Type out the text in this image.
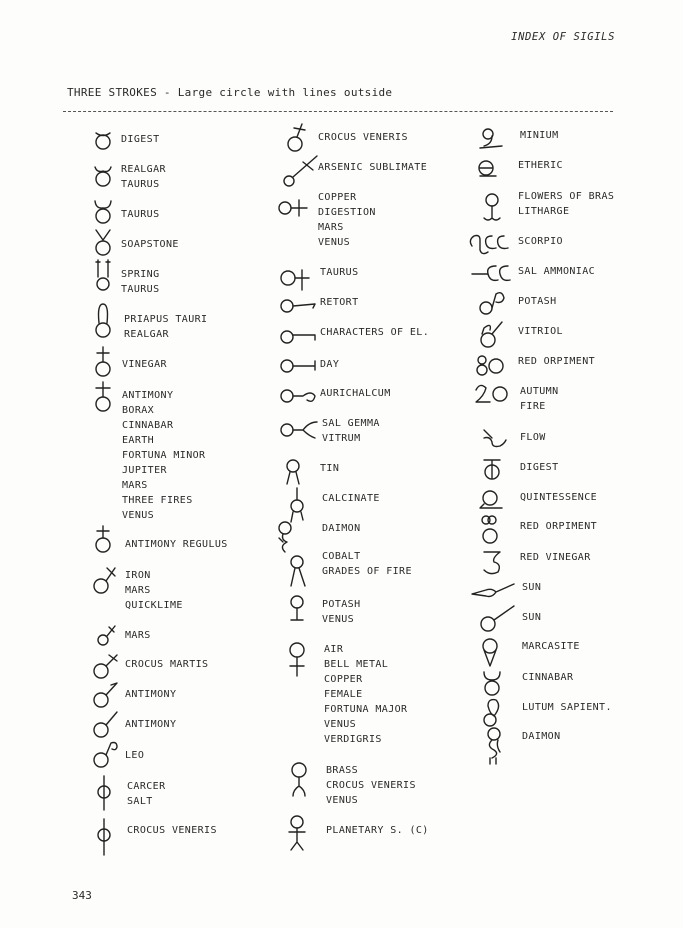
INDEX OF SIGILS
THREE STROKES - Large circle with lines outside
DIGEST
REALGAR
TAURUS
TAURUS
SOAPSTONE
SPRING
TAURUS
PRIAPUS TAURI
REALGAR
VINEGAR
ANTIMONY
BORAX
CINNABAR
EARTH
FORTUNA MINOR
JUPITER
MARS
THREE FIRES
VENUS
ANTIMONY REGULUS
IRON
MARS
QUICKLIME
MARS
CROCUS MARTIS
ANTIMONY
ANTIMONY
LEO
CARCER
SALT
CROCUS VENERIS
CROCUS VENERIS
ARSENIC SUBLIMATE
COPPER
DIGESTION
MARS
VENUS
TAURUS
RETORT
CHARACTERS OF EL.
DAY
AURICHALCUM
SAL GEMMA
VITRUM
TIN
CALCINATE
DAIMON
COBALT
GRADES OF FIRE
POTASH
VENUS
AIR
BELL METAL
COPPER
FEMALE
FORTUNA MAJOR
VENUS
VERDIGRIS
BRASS
CROCUS VENERIS
VENUS
PLANETARY S. (C)
MINIUM
ETHERIC
FLOWERS OF BRAS
LITHARGE
SCORPIO
SAL AMMONIAC
POTASH
VITRIOL
RED ORPIMENT
AUTUMN
FIRE
FLOW
DIGEST
QUINTESSENCE
RED ORPIMENT
RED VINEGAR
SUN
SUN
MARCASITE
CINNABAR
LUTUM SAPIENT.
DAIMON
343
